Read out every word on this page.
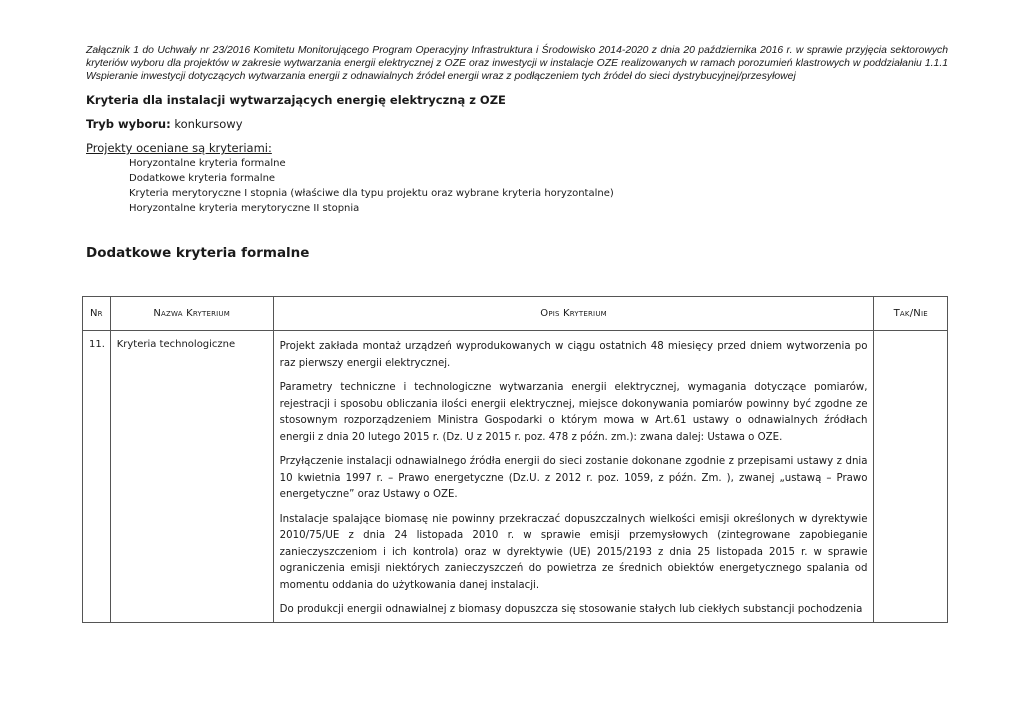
Załącznik 1 do Uchwały nr 23/2016 Komitetu Monitorującego Program Operacyjny Infrastruktura i Środowisko 2014-2020 z dnia 20 października 2016 r. w sprawie przyjęcia sektorowych kryteriów wyboru dla projektów w zakresie wytwarzania energii elektrycznej z OZE oraz inwestycji w instalacje OZE realizowanych w ramach porozumień klastrowych w poddziałaniu 1.1.1 Wspieranie inwestycji dotyczących wytwarzania energii z odnawialnych źródeł energii wraz z podłączeniem tych źródeł do sieci dystrybucyjnej/przesyłowej

Kryteria dla instalacji wytwarzających energię elektryczną z OZE
Tryb wyboru: konkursowy
Projekty oceniane są kryteriami:
Horyzontalne kryteria formalne
Dodatkowe kryteria formalne
Kryteria merytoryczne I stopnia (właściwe dla typu projektu oraz wybrane kryteria horyzontalne)
Horyzontalne kryteria merytoryczne II stopnia
Dodatkowe kryteria formalne
Nr	Nazwa Kryterium	Opis Kryterium	Tak/Nie
11.	Kryteria technologiczne	Projekt zakłada montaż urządzeń wyprodukowanych w ciągu ostatnich 48 miesięcy przed dniem wytworzenia po raz pierwszy energii elektrycznej.

Parametry techniczne i technologiczne wytwarzania energii elektrycznej, wymagania dotyczące pomiarów, rejestracji i sposobu obliczania ilości energii elektrycznej, miejsce dokonywania pomiarów powinny być zgodne ze stosownym rozporządzeniem Ministra Gospodarki o którym mowa w Art.61 ustawy o odnawialnych źródłach energii z dnia 20 lutego 2015 r. (Dz. U z 2015 r. poz. 478 z późn. zm.): zwana dalej: Ustawa o OZE.

Przyłączenie instalacji odnawialnego źródła energii do sieci zostanie dokonane zgodnie z przepisami ustawy z dnia 10 kwietnia 1997 r. – Prawo energetyczne (Dz.U. z 2012 r. poz. 1059, z późn. Zm. ), zwanej „ustawą – Prawo energetyczne” oraz Ustawy o OZE.

Instalacje spalające biomasę nie powinny przekraczać dopuszczalnych wielkości emisji określonych w dyrektywie 2010/75/UE z dnia 24 listopada 2010 r. w sprawie emisji przemysłowych (zintegrowane zapobieganie zanieczyszczeniom i ich kontrola) oraz w dyrektywie (UE) 2015/2193 z dnia 25 listopada 2015 r. w sprawie ograniczenia emisji niektórych zanieczyszczeń do powietrza ze średnich obiektów energetycznego spalania od momentu oddania do użytkowania danej instalacji.

Do produkcji energii odnawialnej z biomasy dopuszcza się stosowanie stałych lub ciekłych substancji pochodzenia	
